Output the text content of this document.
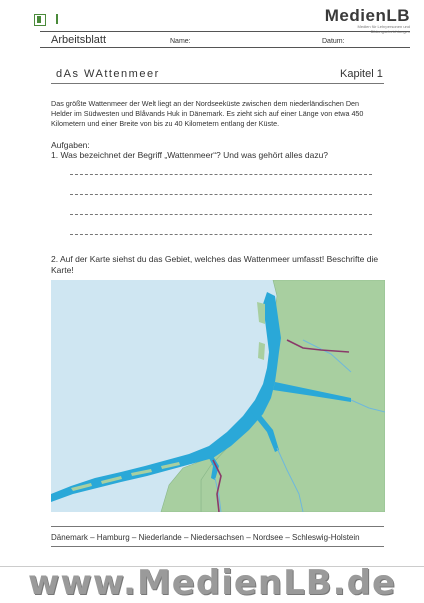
MedienLB
Medien für Lehrpersonen und Bildungseinrichtungen
Arbeitsblatt	Name:	Datum:
dAs WAttenmeer	Kapitel 1
Das größte Wattenmeer der Welt liegt an der Nordseeküste zwischen dem niederländischen Den Helder im Südwesten und Blåvands Huk in Dänemark. Es zieht sich auf einer Länge von etwa 450 Kilometern und einer Breite von bis zu 40 Kilometern entlang der Küste.
Aufgaben:
1. Was bezeichnet der Begriff „Wattenmeer“? Und was gehört alles dazu?
2. Auf der Karte siehst du das Gebiet, welches das Wattenmeer umfasst! Beschrifte die Karte!
Dänemark – Hamburg – Niederlande – Niedersachsen – Nordsee – Schleswig-Holstein
www.MedienLB.de
